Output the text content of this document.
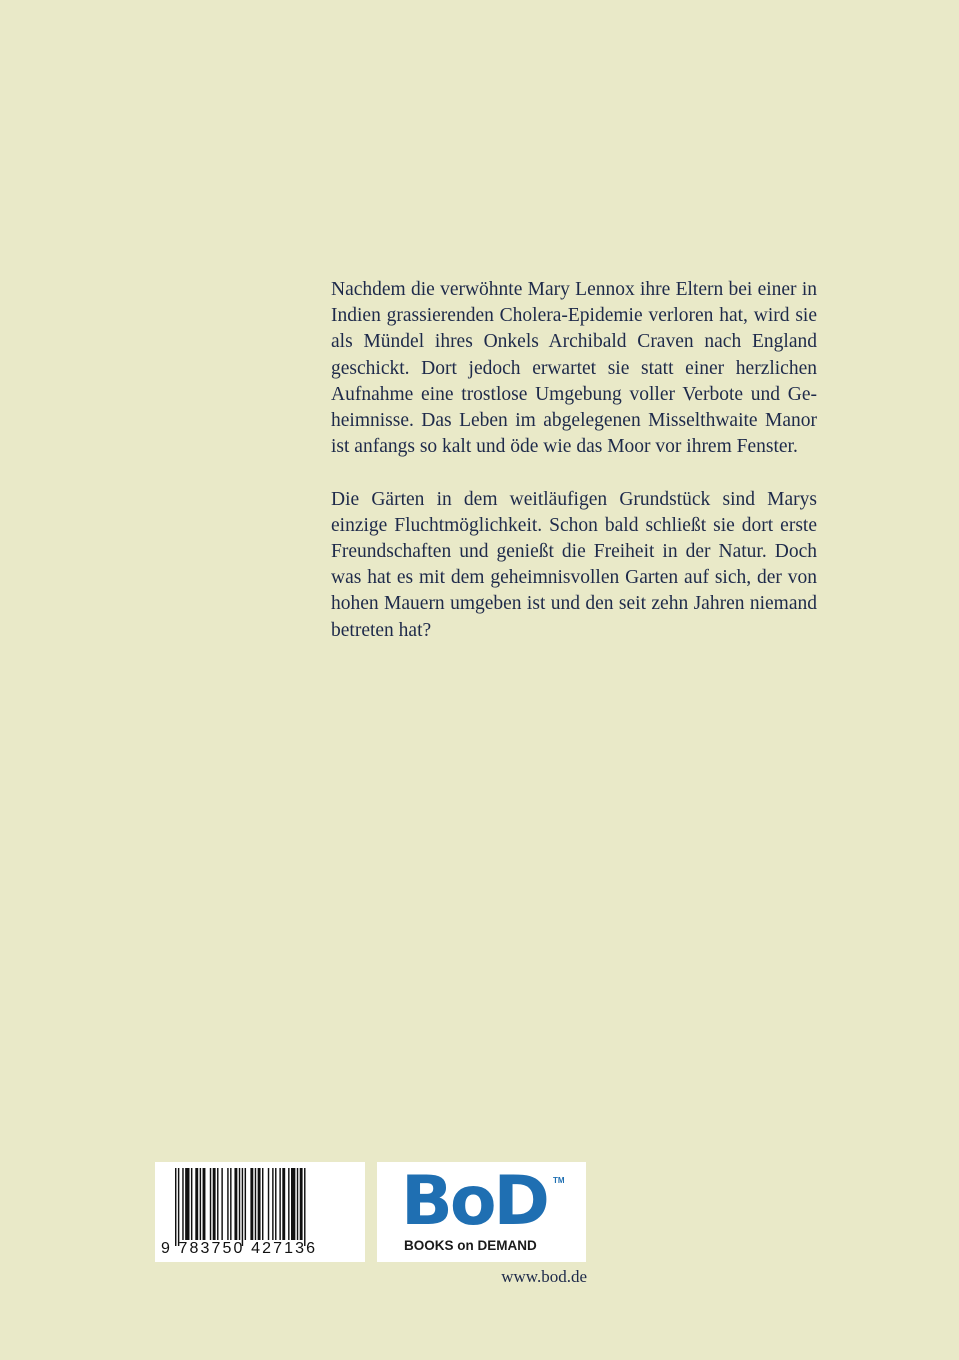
Nachdem die verwöhnte Mary Lennox ihre Eltern bei einer in Indien grassierenden Cholera-Epidemie verloren hat, wird sie als Mündel ihres Onkels Archibald Craven nach England geschickt. Dort jedoch erwartet sie statt einer herzlichen Aufnahme eine trostlose Umgebung voller Verbote und Geheimnisse. Das Leben im abgelegenen Misselthwaite Manor ist anfangs so kalt und öde wie das Moor vor ihrem Fenster.

Die Gärten in dem weitläufigen Grundstück sind Marys einzige Fluchtmöglichkeit. Schon bald schließt sie dort erste Freundschaften und genießt die Freiheit in der Natur. Doch was hat es mit dem geheimnisvollen Garten auf sich, der von hohen Mauern umgeben ist und den seit zehn Jahren niemand betreten hat?

9 783750 427136
BoD TM
BOOKS on DEMAND
www.bod.de
